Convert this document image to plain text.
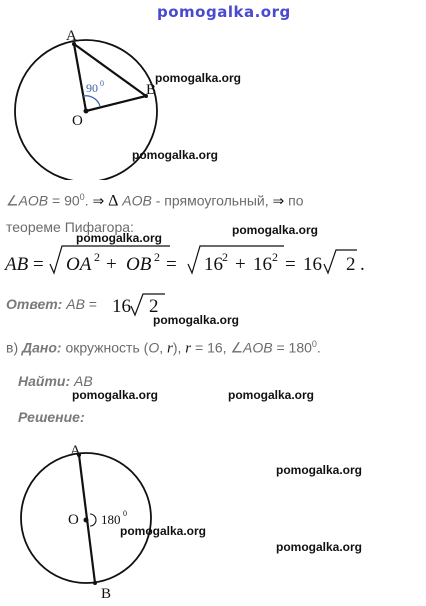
pomogalka.org
A
B
O
90 0	pomogalka.org
pomogalka.org
∠AOB = $90^0$. ⇒ Δ AOB - прямоугольный, ⇒ по
теореме Пифагора:
pomogalka.org
pomogalka.org
AB = OA 2 + OB 2 = 16 2 + 16 2 = 16 2 .
Ответ: AB = 16 2
pomogalka.org
в) Дано: окружность (O, r), r = 16, ∠AOB = $180^0$.
Найти: AB
pomogalka.org	pomogalka.org
Решение:
A
B
O 180 0
pomogalka.org
pomogalka.org
pomogalka.org
